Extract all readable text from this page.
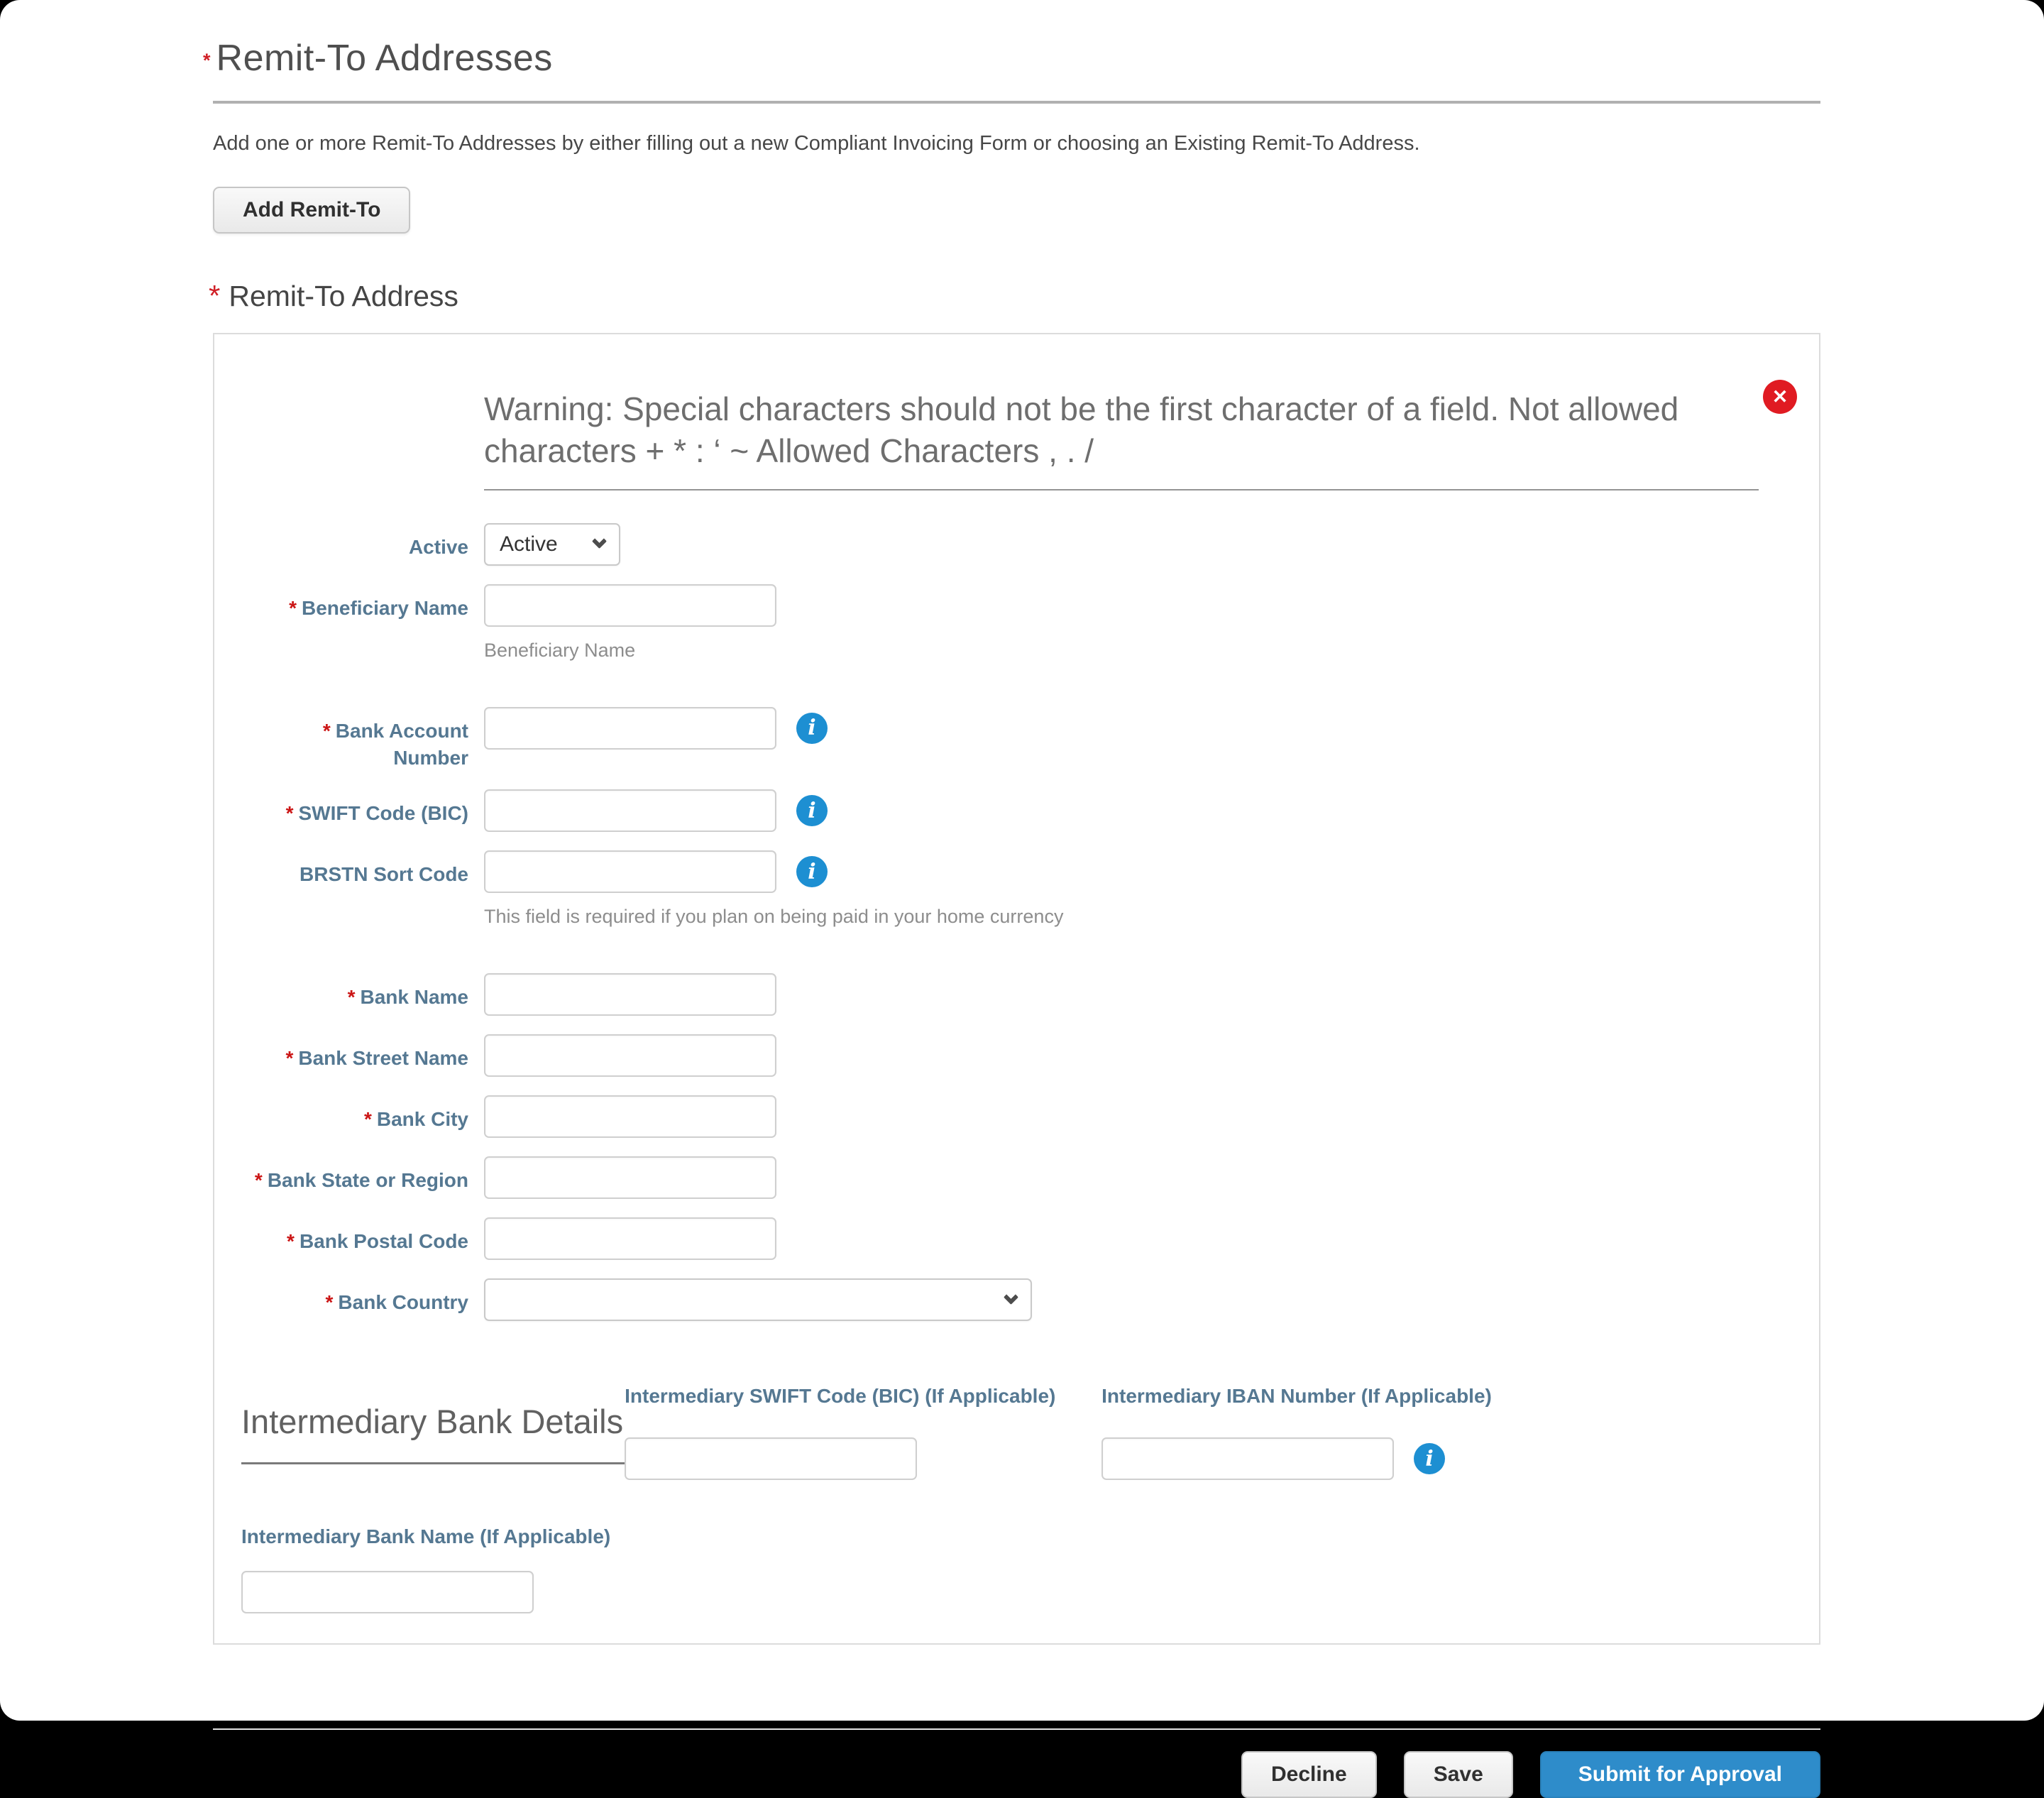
* Remit-To Addresses

Add one or more Remit-To Addresses by either filling out a new Compliant Invoicing Form or choosing an Existing Remit-To Address.

Add Remit-To
* Remit-To Address
Warning: Special characters should not be the first character of a field. Not allowed characters + * : ‘ ~ Allowed Characters , . /
✕
Active Active
* Beneficiary Name
Beneficiary Name
* Bank Account Number
i
* SWIFT Code (BIC)	i
BRSTN Sort Code	i
This field is required if you plan on being paid in your home currency
* Bank Name
* Bank Street Name
* Bank City
* Bank State or Region
* Bank Postal Code
* Bank Country
Intermediary Bank Details
Intermediary SWIFT Code (BIC) (If Applicable)	Intermediary IBAN Number (If Applicable)
i
Intermediary Bank Name (If Applicable)
Decline	Save	Submit for Approval
